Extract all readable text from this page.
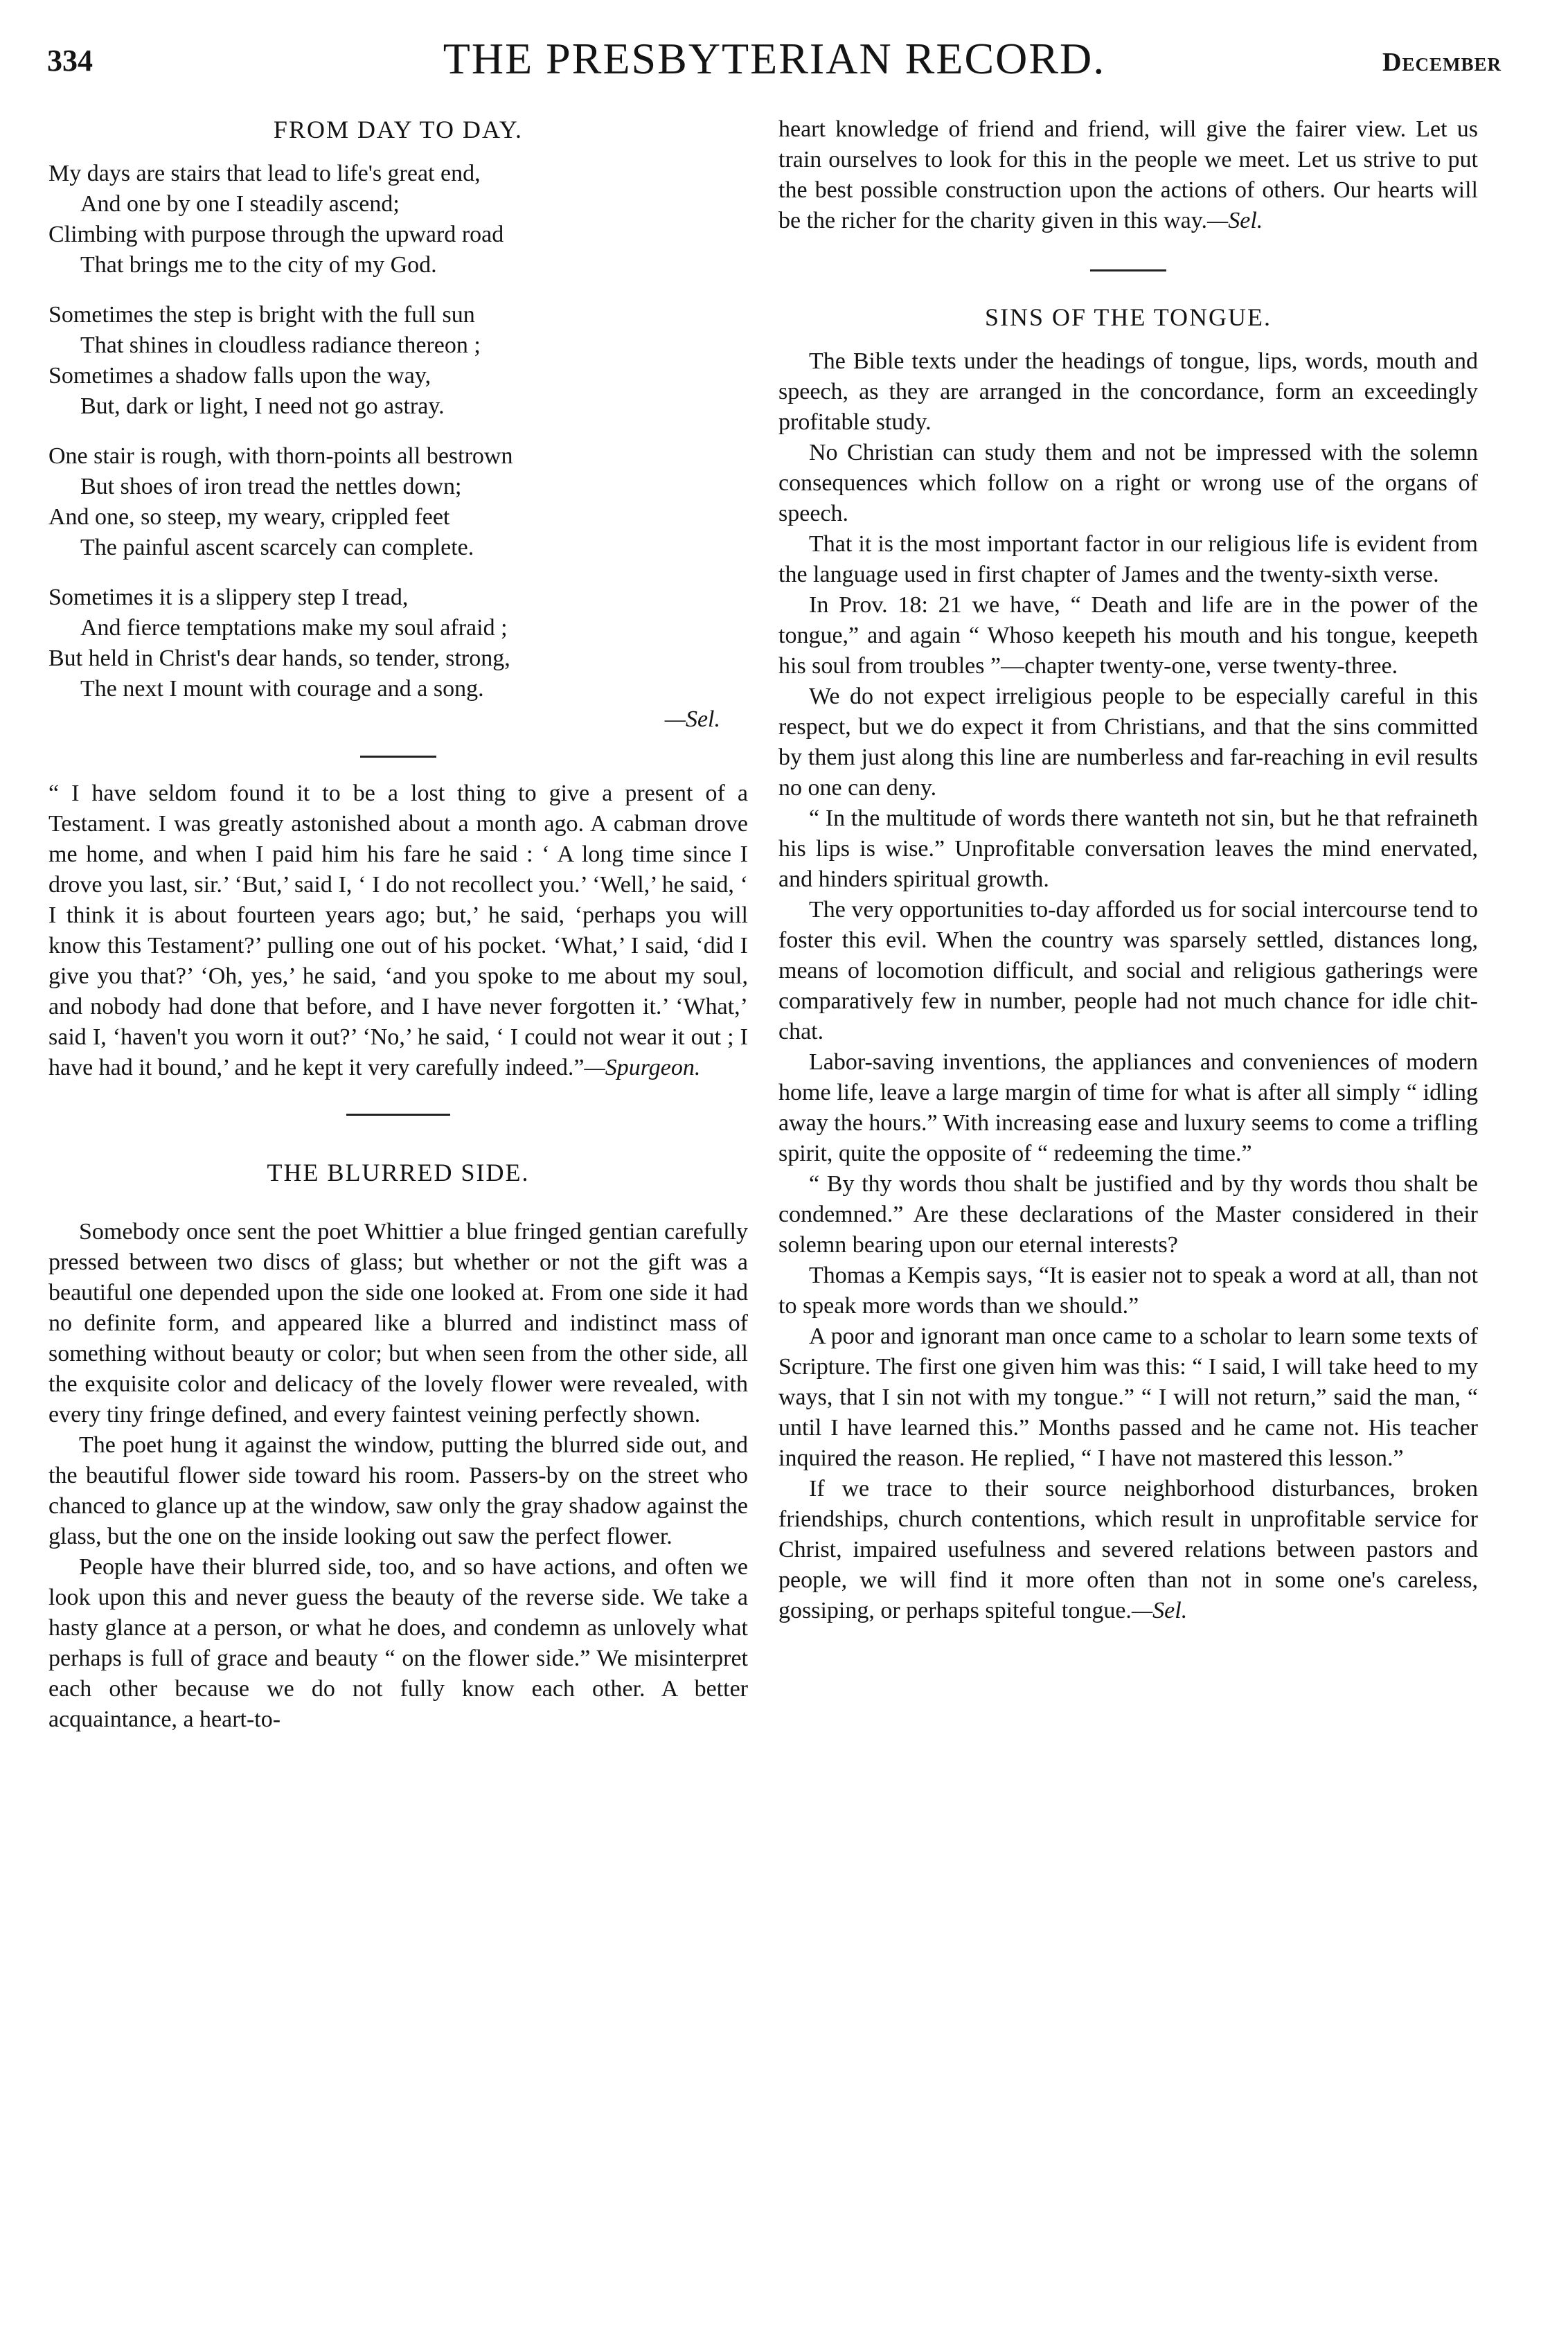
334	THE PRESBYTERIAN RECORD.	December
FROM DAY TO DAY.
My days are stairs that lead to life's great end,
And one by one I steadily ascend;
Climbing with purpose through the upward road
That brings me to the city of my God.
Sometimes the step is bright with the full sun
That shines in cloudless radiance thereon ;
Sometimes a shadow falls upon the way,
But, dark or light, I need not go astray.
One stair is rough, with thorn-points all bestrown
But shoes of iron tread the nettles down;
And one, so steep, my weary, crippled feet
The painful ascent scarcely can complete.
Sometimes it is a slippery step I tread,
And fierce temptations make my soul afraid ;
But held in Christ's dear hands, so tender, strong,
The next I mount with courage and a song.
—Sel.

“ I have seldom found it to be a lost thing to give a present of a Testament. I was greatly astonished about a month ago. A cabman drove me home, and when I paid him his fare he said : ‘ A long time since I drove you last, sir.’ ‘But,’ said I, ‘ I do not recollect you.’ ‘Well,’ he said, ‘ I think it is about fourteen years ago; but,’ he said, ‘perhaps you will know this Testament?’ pulling one out of his pocket. ‘What,’ I said, ‘did I give you that?’ ‘Oh, yes,’ he said, ‘and you spoke to me about my soul, and nobody had done that before, and I have never forgotten it.’ ‘What,’ said I, ‘haven't you worn it out?’ ‘No,’ he said, ‘ I could not wear it out ; I have had it bound,’ and he kept it very carefully indeed.”—Spurgeon.

THE BLURRED SIDE.

Somebody once sent the poet Whittier a blue fringed gentian carefully pressed between two discs of glass; but whether or not the gift was a beautiful one depended upon the side one looked at. From one side it had no definite form, and appeared like a blurred and indistinct mass of something without beauty or color; but when seen from the other side, all the exquisite color and delicacy of the lovely flower were revealed, with every tiny fringe defined, and every faintest veining perfectly shown.

The poet hung it against the window, putting the blurred side out, and the beautiful flower side toward his room. Passers-by on the street who chanced to glance up at the window, saw only the gray shadow against the glass, but the one on the inside looking out saw the perfect flower.

People have their blurred side, too, and so have actions, and often we look upon this and never guess the beauty of the reverse side. We take a hasty glance at a person, or what he does, and condemn as unlovely what perhaps is full of grace and beauty “ on the flower side.” We misinterpret each other because we do not fully know each other. A better acquaintance, a heart-to-

heart knowledge of friend and friend, will give the fairer view. Let us train ourselves to look for this in the people we meet. Let us strive to put the best possible construction upon the actions of others. Our hearts will be the richer for the charity given in this way.—Sel.

SINS OF THE TONGUE.

The Bible texts under the headings of tongue, lips, words, mouth and speech, as they are arranged in the concordance, form an exceedingly profitable study.

No Christian can study them and not be impressed with the solemn consequences which follow on a right or wrong use of the organs of speech.

That it is the most important factor in our religious life is evident from the language used in first chapter of James and the twenty-sixth verse.

In Prov. 18: 21 we have, “ Death and life are in the power of the tongue,” and again “ Whoso keepeth his mouth and his tongue, keepeth his soul from troubles ”—chapter twenty-one, verse twenty-three.

We do not expect irreligious people to be especially careful in this respect, but we do expect it from Christians, and that the sins committed by them just along this line are numberless and far-reaching in evil results no one can deny.

“ In the multitude of words there wanteth not sin, but he that refraineth his lips is wise.” Unprofitable conversation leaves the mind enervated, and hinders spiritual growth.

The very opportunities to-day afforded us for social intercourse tend to foster this evil. When the country was sparsely settled, distances long, means of locomotion difficult, and social and religious gatherings were comparatively few in number, people had not much chance for idle chit-chat.

Labor-saving inventions, the appliances and conveniences of modern home life, leave a large margin of time for what is after all simply “ idling away the hours.” With increasing ease and luxury seems to come a trifling spirit, quite the opposite of “ redeeming the time.”

“ By thy words thou shalt be justified and by thy words thou shalt be condemned.” Are these declarations of the Master considered in their solemn bearing upon our eternal interests?

Thomas a Kempis says, “It is easier not to speak a word at all, than not to speak more words than we should.”

A poor and ignorant man once came to a scholar to learn some texts of Scripture. The first one given him was this: “ I said, I will take heed to my ways, that I sin not with my tongue.” “ I will not return,” said the man, “ until I have learned this.” Months passed and he came not. His teacher inquired the reason. He replied, “ I have not mastered this lesson.”

If we trace to their source neighborhood disturbances, broken friendships, church contentions, which result in unprofitable service for Christ, impaired usefulness and severed relations between pastors and people, we will find it more often than not in some one's careless, gossiping, or perhaps spiteful tongue.—Sel.
